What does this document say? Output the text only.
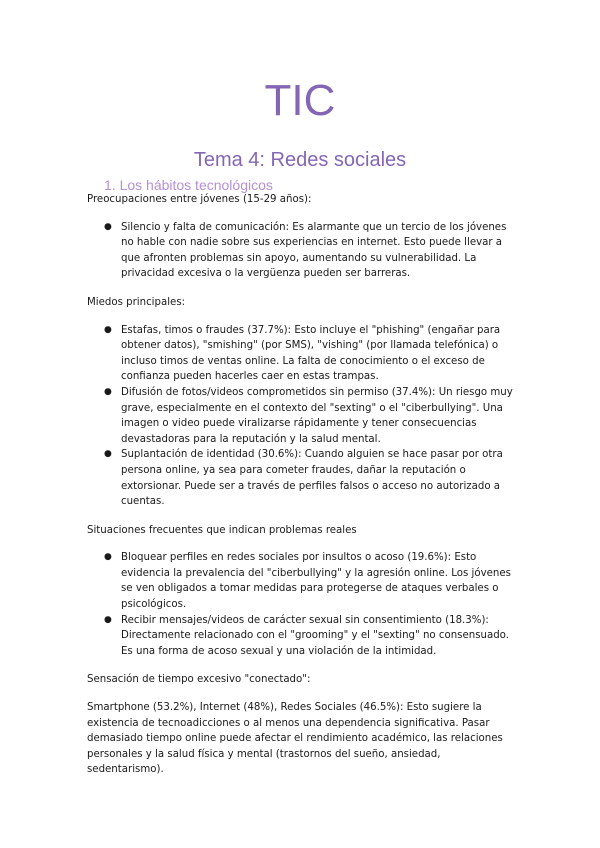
TIC
Tema 4: Redes sociales
1. Los hábitos tecnológicos

Preocupaciones entre jóvenes (15-29 años):

● Silencio y falta de comunicación: Es alarmante que un tercio de los jóvenes no hable con nadie sobre sus experiencias en internet. Esto puede llevar a que afronten problemas sin apoyo, aumentando su vulnerabilidad. La privacidad excesiva o la vergüenza pueden ser barreras.

Miedos principales:

● Estafas, timos o fraudes (37.7%): Esto incluye el "phishing" (engañar para obtener datos), "smishing" (por SMS), "vishing" (por llamada telefónica) o incluso timos de ventas online. La falta de conocimiento o el exceso de confianza pueden hacerles caer en estas trampas.
● Difusión de fotos/videos comprometidos sin permiso (37.4%): Un riesgo muy grave, especialmente en el contexto del "sexting" o el "ciberbullying". Una imagen o video puede viralizarse rápidamente y tener consecuencias devastadoras para la reputación y la salud mental.
● Suplantación de identidad (30.6%): Cuando alguien se hace pasar por otra persona online, ya sea para cometer fraudes, dañar la reputación o extorsionar. Puede ser a través de perfiles falsos o acceso no autorizado a cuentas.

Situaciones frecuentes que indican problemas reales

● Bloquear perfiles en redes sociales por insultos o acoso (19.6%): Esto evidencia la prevalencia del "ciberbullying" y la agresión online. Los jóvenes se ven obligados a tomar medidas para protegerse de ataques verbales o psicológicos.
● Recibir mensajes/videos de carácter sexual sin consentimiento (18.3%): Directamente relacionado con el "grooming" y el "sexting" no consensuado. Es una forma de acoso sexual y una violación de la intimidad.

Sensación de tiempo excesivo "conectado":

Smartphone (53.2%), Internet (48%), Redes Sociales (46.5%): Esto sugiere la existencia de tecnoadicciones o al menos una dependencia significativa. Pasar demasiado tiempo online puede afectar el rendimiento académico, las relaciones personales y la salud física y mental (trastornos del sueño, ansiedad, sedentarismo).
